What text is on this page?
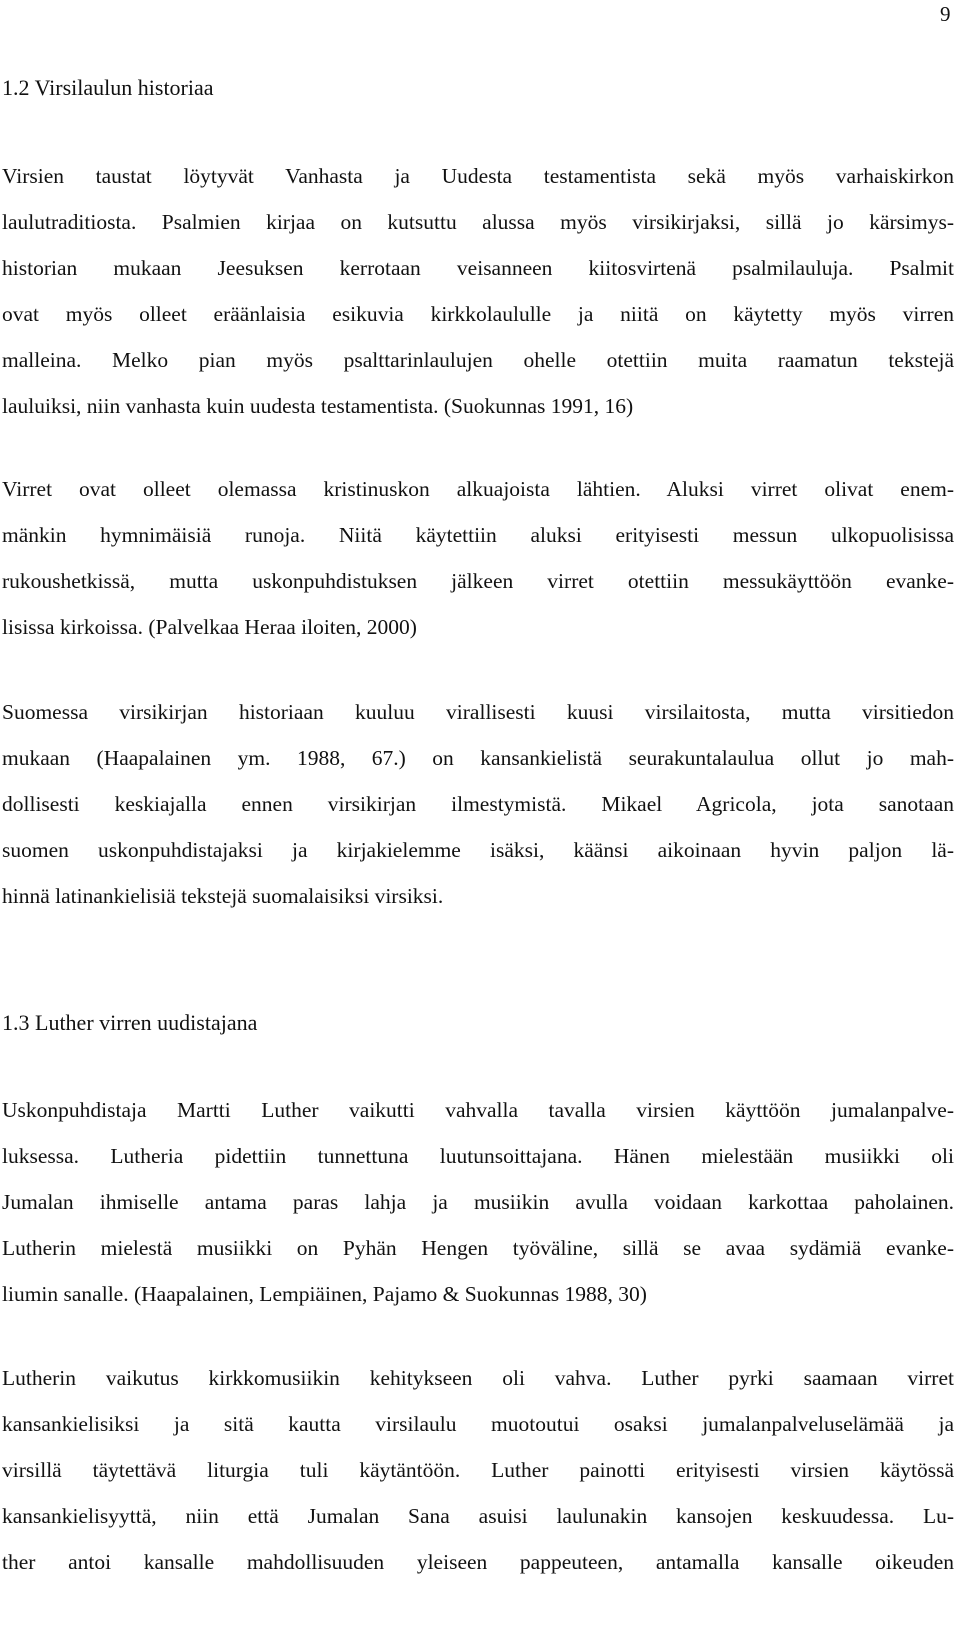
9
1.2 Virsilaulun historiaa
Virsien taustat löytyvät Vanhasta ja Uudesta testamentista sekä myös varhaiskirkon
laulutraditiosta. Psalmien kirjaa on kutsuttu alussa myös virsikirjaksi, sillä jo kärsimys-
historian mukaan Jeesuksen kerrotaan veisanneen kiitosvirtenä psalmilauluja. Psalmit
ovat myös olleet eräänlaisia esikuvia kirkkolaululle ja niitä on käytetty myös virren
malleina. Melko pian myös psalttarinlaulujen ohelle otettiin muita raamatun tekstejä
lauluiksi, niin vanhasta kuin uudesta testamentista. (Suokunnas 1991, 16)
Virret ovat olleet olemassa kristinuskon alkuajoista lähtien. Aluksi virret olivat enem-
mänkin hymnimäisiä runoja. Niitä käytettiin aluksi erityisesti messun ulkopuolisissa
rukoushetkissä, mutta uskonpuhdistuksen jälkeen virret otettiin messukäyttöön evanke-
lisissa kirkoissa. (Palvelkaa Heraa iloiten, 2000)
Suomessa virsikirjan historiaan kuuluu virallisesti kuusi virsilaitosta, mutta virsitiedon
mukaan (Haapalainen ym. 1988, 67.) on kansankielistä seurakuntalaulua ollut jo mah-
dollisesti keskiajalla ennen virsikirjan ilmestymistä. Mikael Agricola, jota sanotaan
suomen uskonpuhdistajaksi ja kirjakielemme isäksi, käänsi aikoinaan hyvin paljon lä-
hinnä latinankielisiä tekstejä suomalaisiksi virsiksi.
1.3 Luther virren uudistajana
Uskonpuhdistaja Martti Luther vaikutti vahvalla tavalla virsien käyttöön jumalanpalve-
luksessa. Lutheria pidettiin tunnettuna luutunsoittajana. Hänen mielestään musiikki oli
Jumalan ihmiselle antama paras lahja ja musiikin avulla voidaan karkottaa paholainen.
Lutherin mielestä musiikki on Pyhän Hengen työväline, sillä se avaa sydämiä evanke-
liumin sanalle. (Haapalainen, Lempiäinen, Pajamo & Suokunnas 1988, 30)
Lutherin vaikutus kirkkomusiikin kehitykseen oli vahva. Luther pyrki saamaan virret
kansankielisiksi ja sitä kautta virsilaulu muotoutui osaksi jumalanpalveluselämää ja
virsillä täytettävä liturgia tuli käytäntöön. Luther painotti erityisesti virsien käytössä
kansankielisyyttä, niin että Jumalan Sana asuisi laulunakin kansojen keskuudessa. Lu-
ther antoi kansalle mahdollisuuden yleiseen pappeuteen, antamalla kansalle oikeuden
